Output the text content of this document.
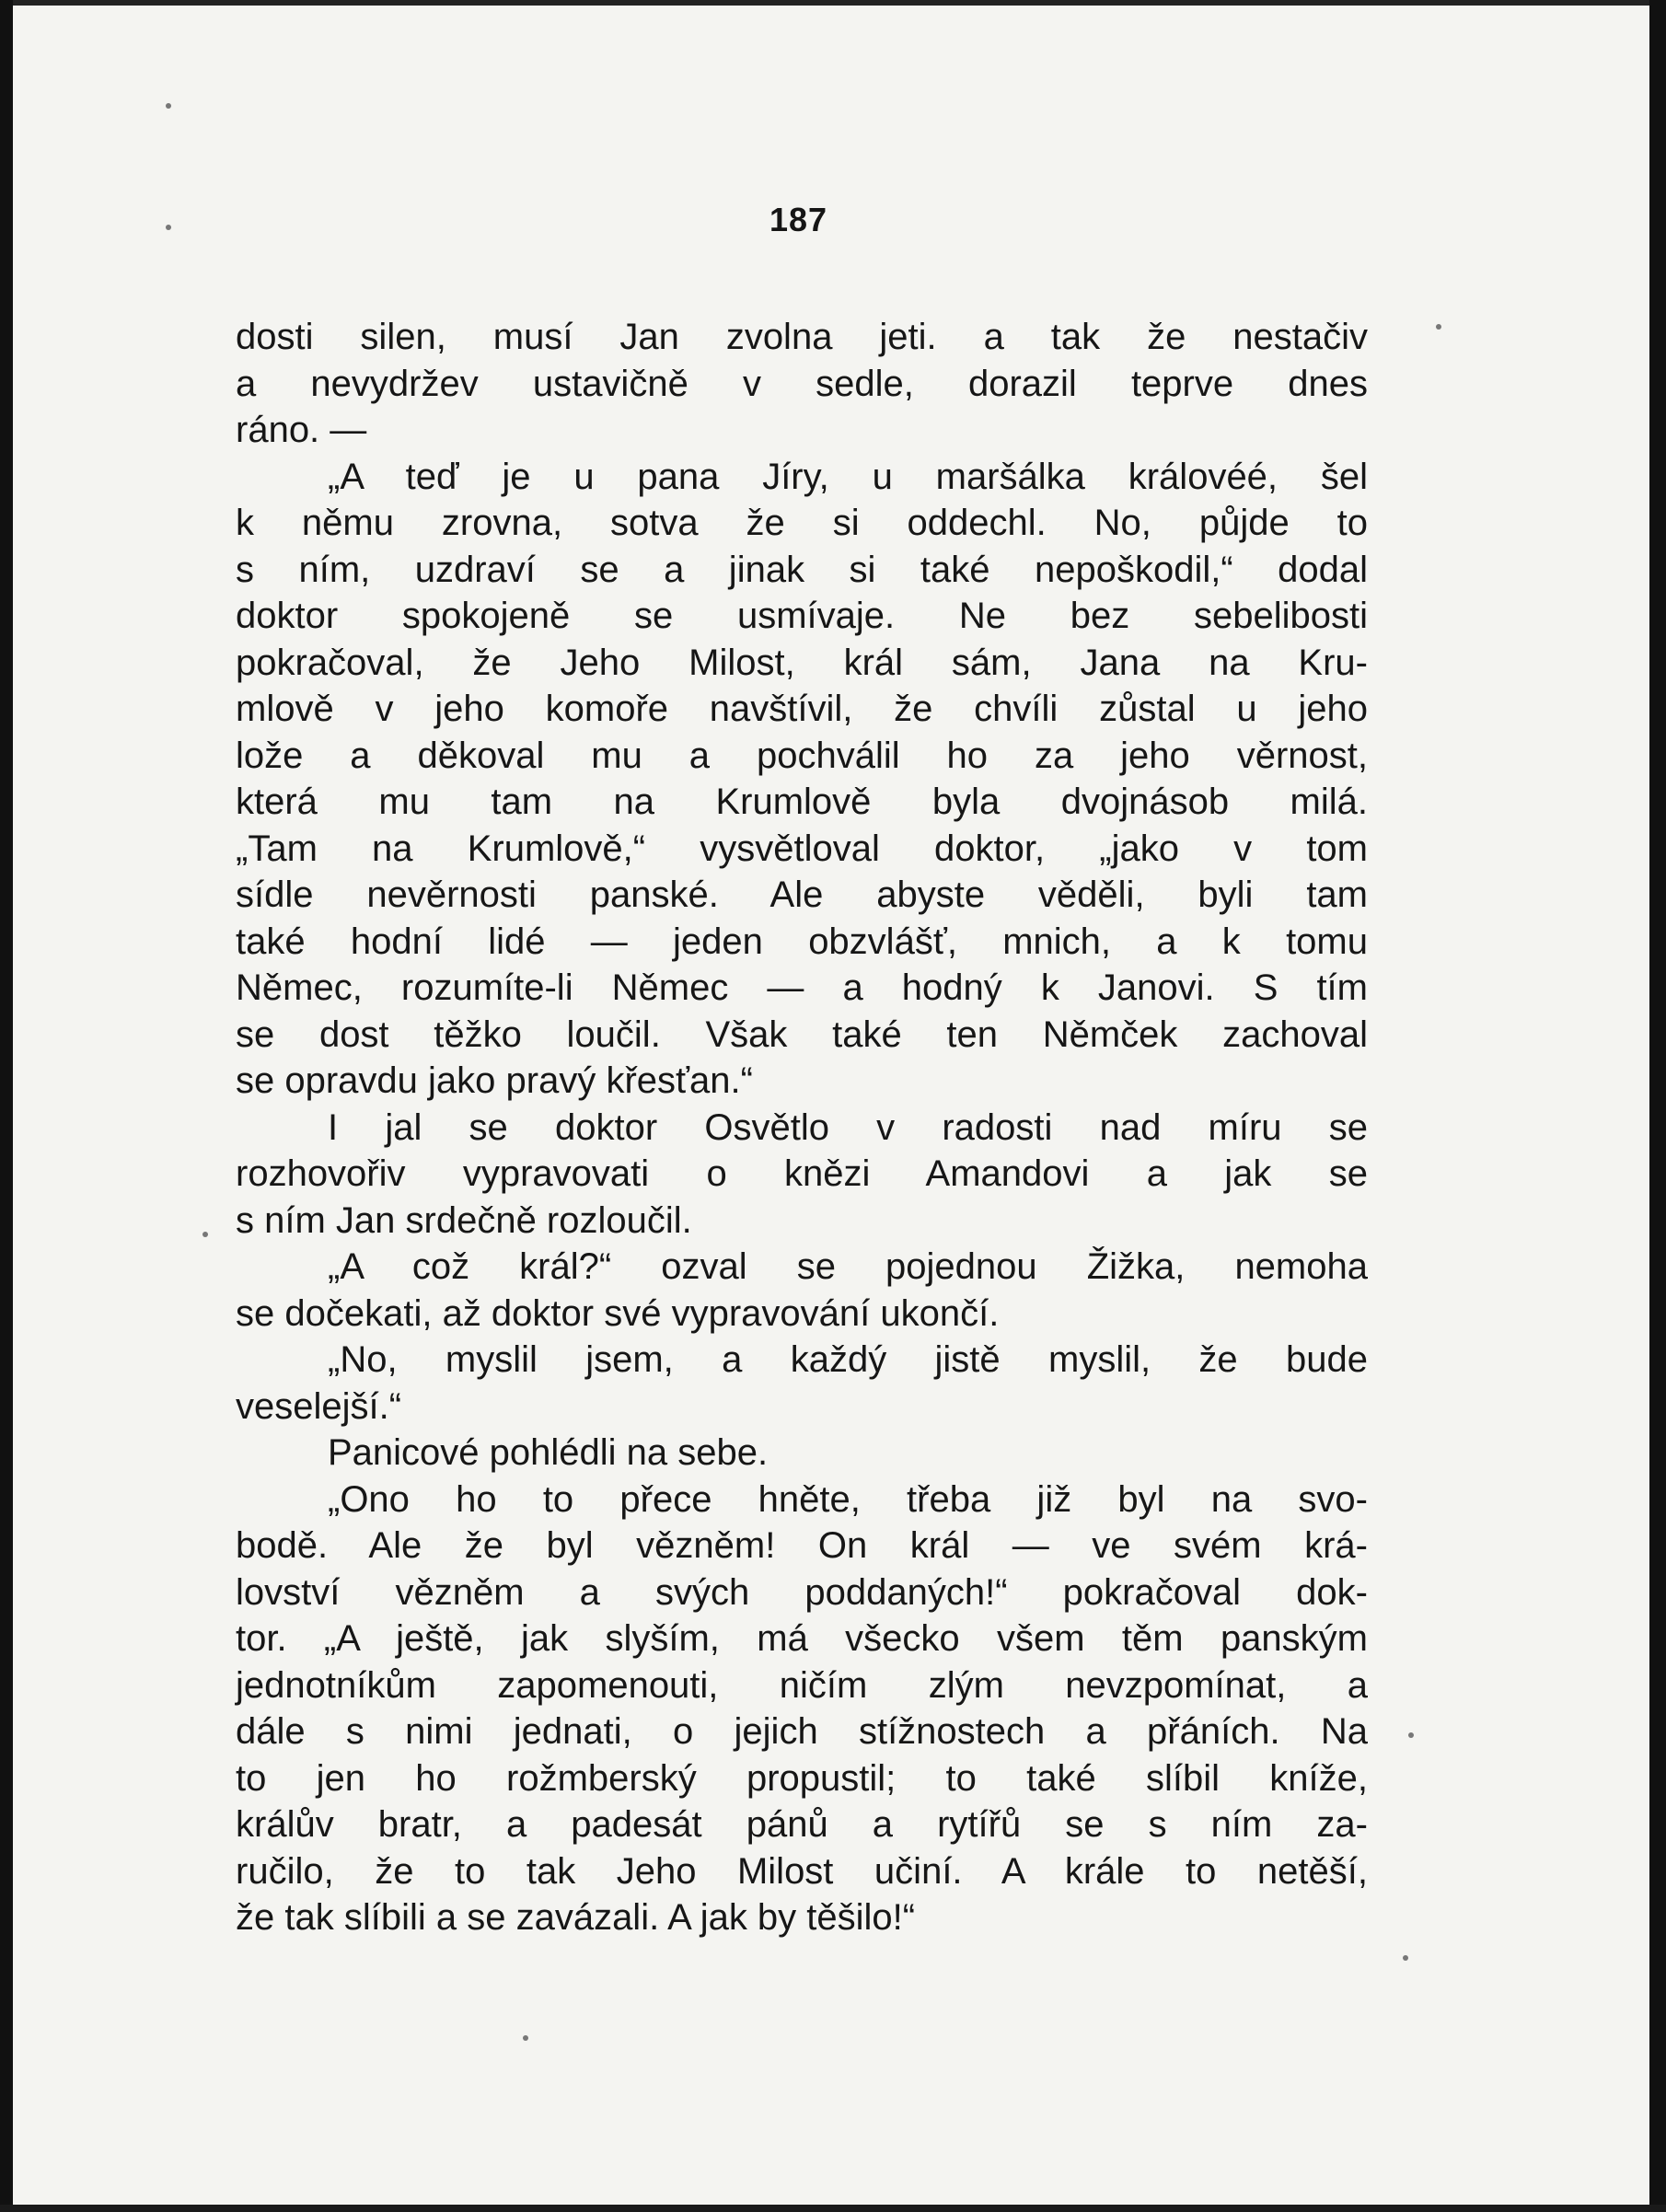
187
dosti silen, musí Jan zvolna jeti. a tak že nestačiv
a nevydržev ustavičně v sedle, dorazil teprve dnes
ráno. —
„A teď je u pana Jíry, u maršálka královéé, šel
k němu zrovna, sotva že si oddechl. No, půjde to
s ním, uzdraví se a jinak si také nepoškodil,“ dodal
doktor spokojeně se usmívaje. Ne bez sebelibosti
pokračoval, že Jeho Milost, král sám, Jana na Kru-
mlově v jeho komoře navštívil, že chvíli zůstal u jeho
lože a děkoval mu a pochválil ho za jeho věrnost,
která mu tam na Krumlově byla dvojnásob milá.
„Tam na Krumlově,“ vysvětloval doktor, „jako v tom
sídle nevěrnosti panské. Ale abyste věděli, byli tam
také hodní lidé — jeden obzvlášť, mnich, a k tomu
Němec, rozumíte-li Němec — a hodný k Janovi. S tím
se dost těžko loučil. Však také ten Němček zachoval
se opravdu jako pravý křesťan.“
I jal se doktor Osvětlo v radosti nad míru se
rozhovořiv vypravovati o knězi Amandovi a jak se
s ním Jan srdečně rozloučil.
„A což král?“ ozval se pojednou Žižka, nemoha
se dočekati, až doktor své vypravování ukončí.
„No, myslil jsem, a každý jistě myslil, že bude
veselejší.“
Panicové pohlédli na sebe.
„Ono ho to přece hněte, třeba již byl na svo-
bodě. Ale že byl vězněm! On král — ve svém krá-
lovství vězněm a svých poddaných!“ pokračoval dok-
tor. „A ještě, jak slyším, má všecko všem těm panským
jednotníkům zapomenouti, ničím zlým nevzpomínat, a
dále s nimi jednati, o jejich stížnostech a přáních. Na
to jen ho rožmberský propustil; to také slíbil kníže,
králův bratr, a padesát pánů a rytířů se s ním za-
ručilo, že to tak Jeho Milost učiní. A krále to netěší,
že tak slíbili a se zavázali. A jak by těšilo!“
